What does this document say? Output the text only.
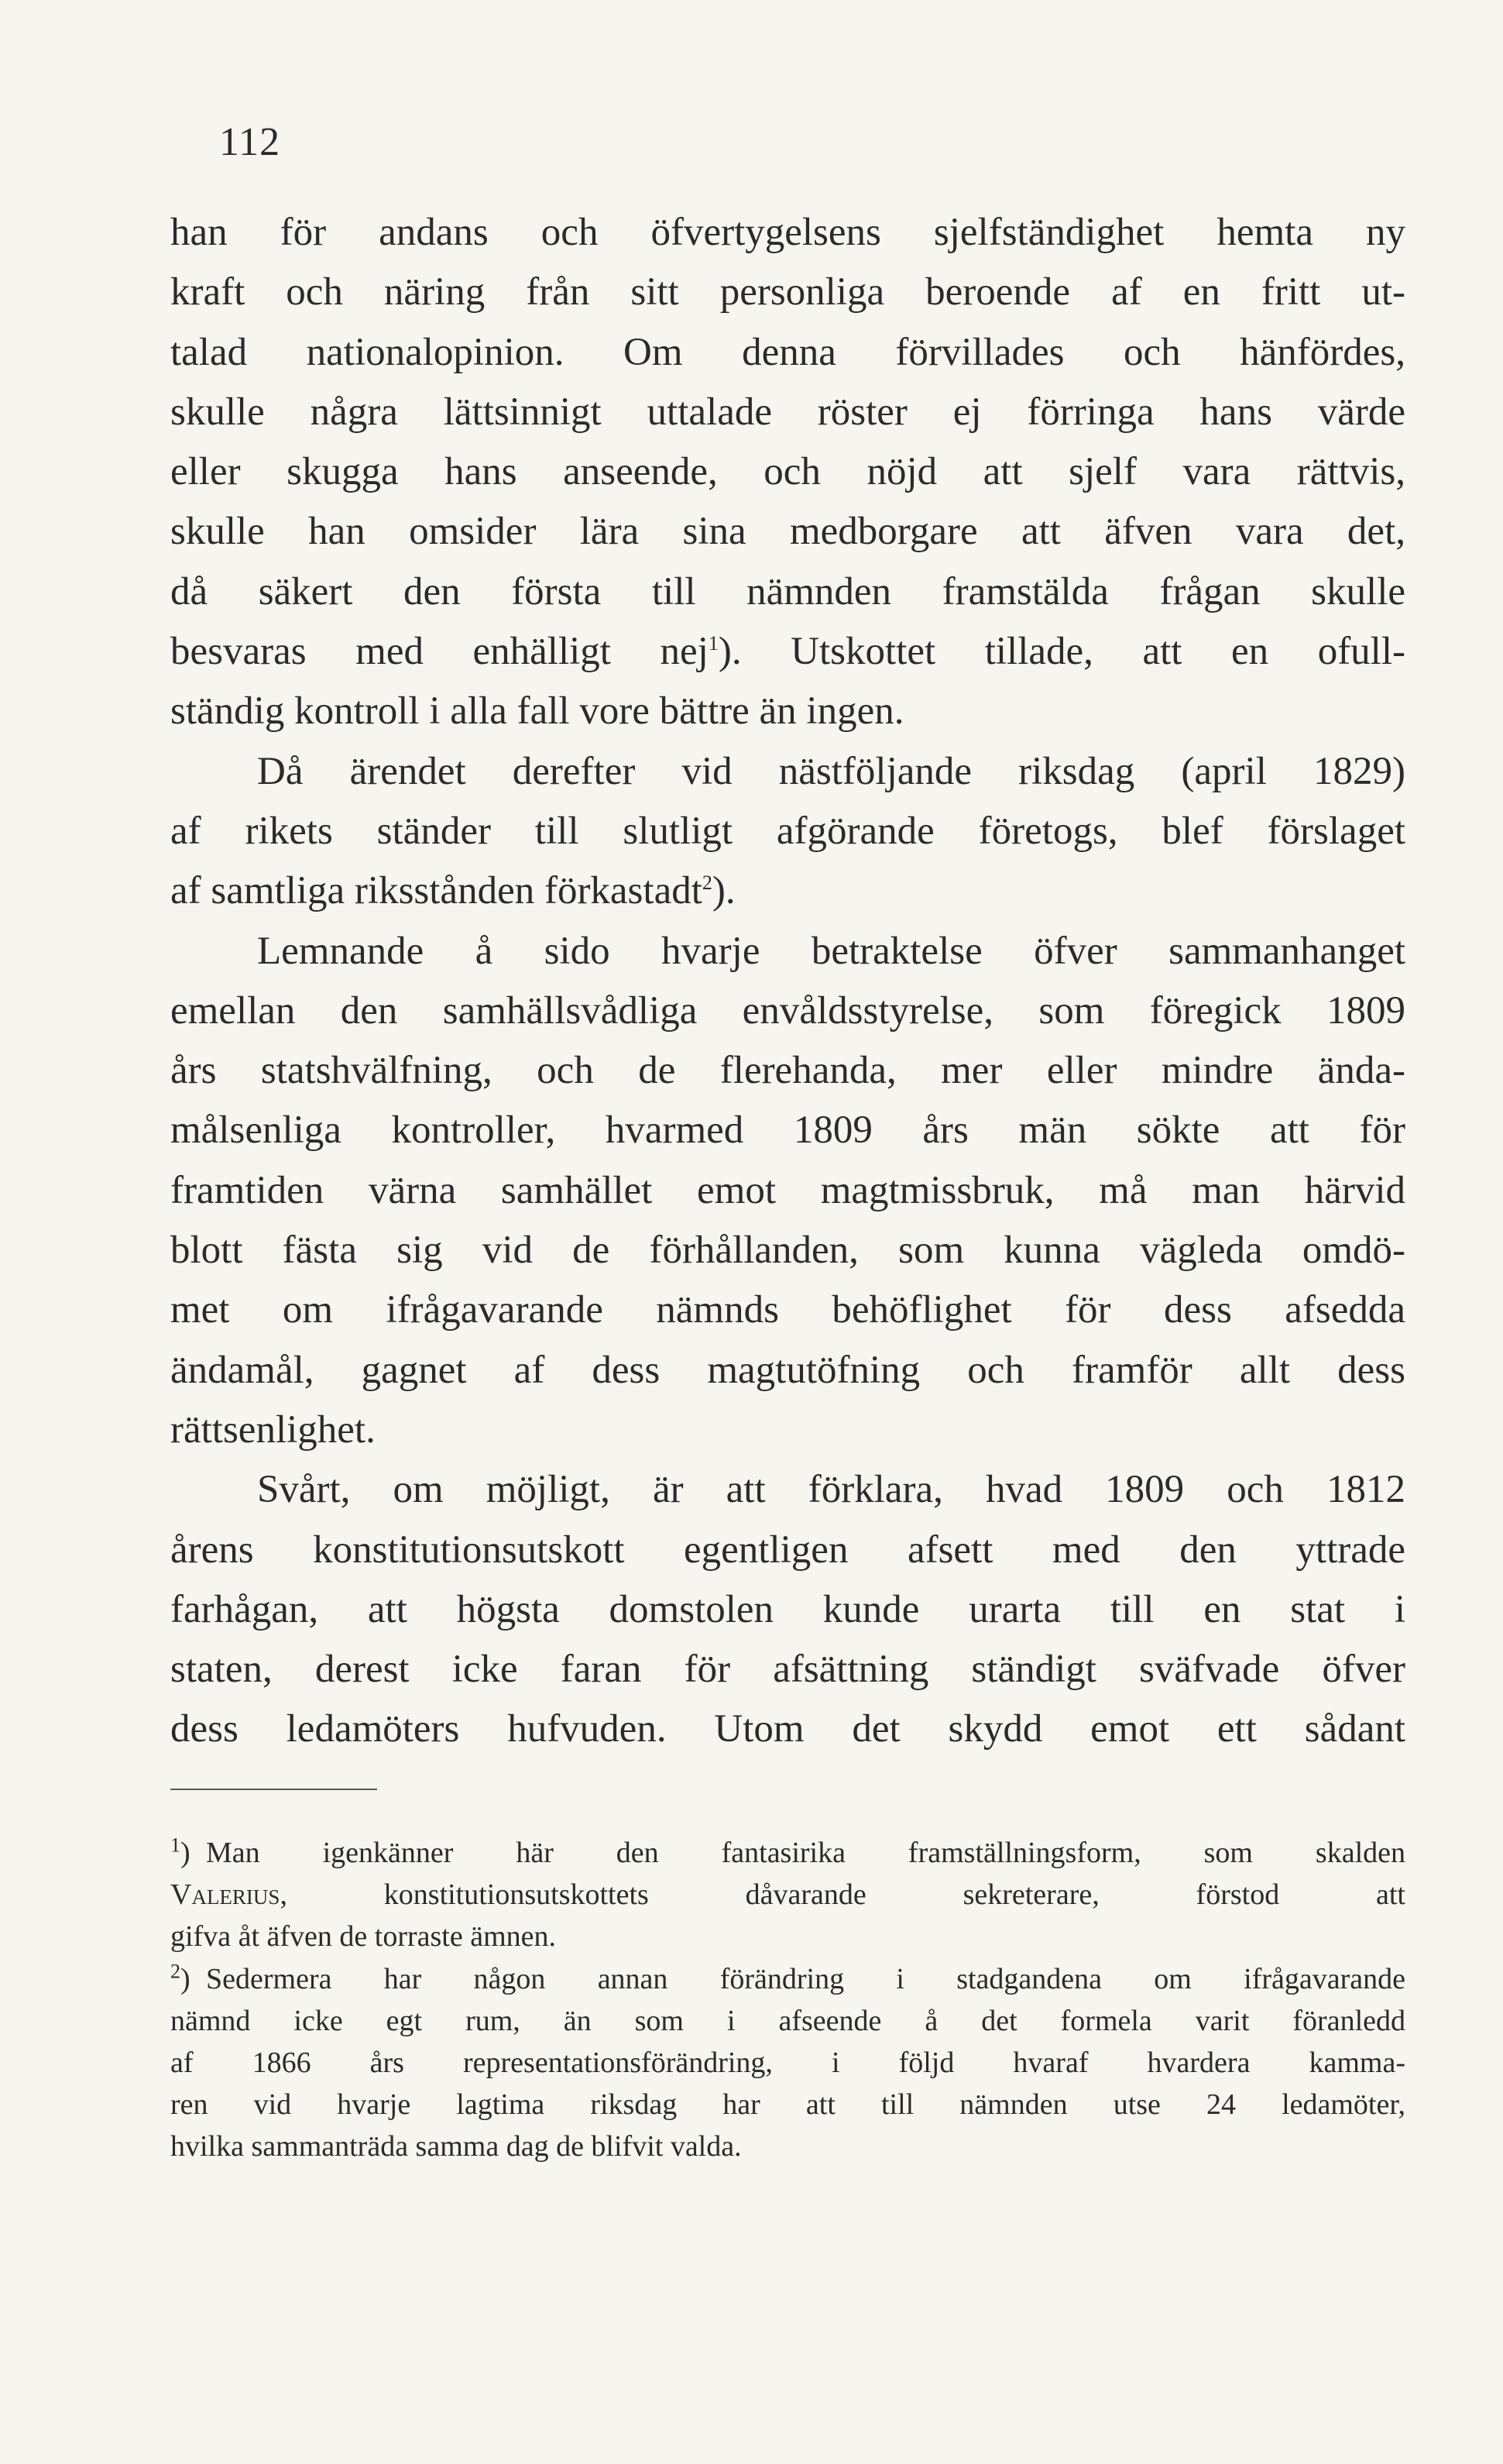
112
han för andans och öfvertygelsens sjelfständighet hemta ny
kraft och näring från sitt personliga beroende af en fritt ut-
talad nationalopinion. Om denna förvillades och hänfördes,
skulle några lättsinnigt uttalade röster ej förringa hans värde
eller skugga hans anseende, och nöjd att sjelf vara rättvis,
skulle han omsider lära sina medborgare att äfven vara det,
då säkert den första till nämnden framstälda frågan skulle
besvaras med enhälligt nej$^1$). Utskottet tillade, att en ofull-
ständig kontroll i alla fall vore bättre än ingen.
Då ärendet derefter vid nästföljande riksdag (april 1829)
af rikets ständer till slutligt afgörande företogs, blef förslaget
af samtliga riksstånden förkastadt$^2$).
Lemnande å sido hvarje betraktelse öfver sammanhanget
emellan den samhällsvådliga envåldsstyrelse, som föregick 1809
års statshvälfning, och de flerehanda, mer eller mindre ända-
målsenliga kontroller, hvarmed 1809 års män sökte att för
framtiden värna samhället emot magtmissbruk, må man härvid
blott fästa sig vid de förhållanden, som kunna vägleda omdö-
met om ifrågavarande nämnds behöflighet för dess afsedda
ändamål, gagnet af dess magtutöfning och framför allt dess
rättsenlighet.
Svårt, om möjligt, är att förklara, hvad 1809 och 1812
årens konstitutionsutskott egentligen afsett med den yttrade
farhågan, att högsta domstolen kunde urarta till en stat i
staten, derest icke faran för afsättning ständigt sväfvade öfver
dess ledamöters hufvuden. Utom det skydd emot ett sådant
$^1$) Man igenkänner här den fantasirika framställningsform, som skalden
Valerius, konstitutionsutskottets dåvarande sekreterare, förstod att
gifva åt äfven de torraste ämnen.
$^2$) Sedermera har någon annan förändring i stadgandena om ifrågavarande
nämnd icke egt rum, än som i afseende å det formela varit föranledd
af 1866 års representationsförändring, i följd hvaraf hvardera kamma-
ren vid hvarje lagtima riksdag har att till nämnden utse 24 ledamöter,
hvilka sammanträda samma dag de blifvit valda.
